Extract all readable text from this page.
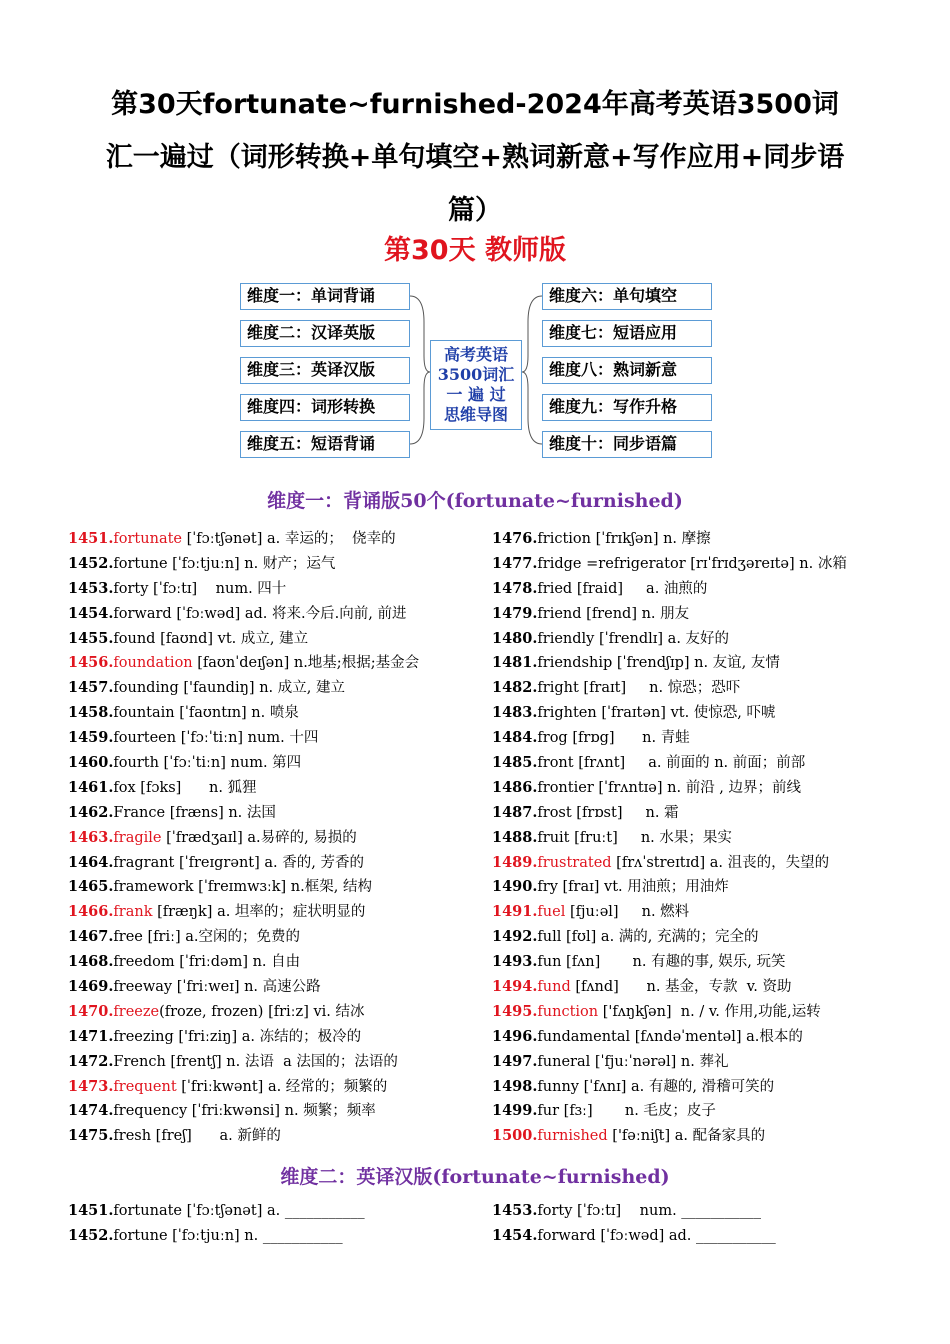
第30天fortunate~furnished-2024年高考英语3500词
汇一遍过（词形转换+单句填空+熟词新意+写作应用+同步语
篇）
第30天 教师版
维度一：单词背诵
维度二：汉译英版
维度三：英译汉版
维度四：词形转换
维度五：短语背诵
高考英语
3500词汇
一 遍 过
思维导图
维度六：单句填空
维度七：短语应用
维度八：熟词新意
维度九：写作升格
维度十：同步语篇
维度一：背诵版50个(fortunate~furnished)
1451.fortunate [ˈfɔːtʃənət] a. 幸运的；  侥幸的
1452.fortune [ˈfɔːtjuːn] n. 财产；运气
1453.forty [ˈfɔːtɪ]    num. 四十
1454.forward [ˈfɔːwəd] ad. 将来.今后.向前, 前进
1455.found [faʊnd] vt. 成立, 建立
1456.foundation [faʊnˈdeɪʃən] n.地基;根据;基金会
1457.founding ['faundiŋ] n. 成立, 建立
1458.fountain [ˈfaʊntɪn] n. 喷泉
1459.fourteen [ˈfɔːˈtiːn] num. 十四
1460.fourth [ˈfɔːˈtiːn] num. 第四
1461.fox [fɔks]      n. 狐狸
1462.France [fræns] n. 法国
1463.fragile [ˈfrædʒaɪl] a.易碎的, 易损的
1464.fragrant [ˈfreɪgrənt] a. 香的, 芳香的
1465.framework [ˈfreɪmwɜːk] n.框架, 结构
1466.frank [fræŋk] a. 坦率的；症状明显的
1467.free [friː] a.空闲的；免费的
1468.freedom [ˈfriːdəm] n. 自由
1469.freeway [ˈfriːweɪ] n. 高速公路
1470.freeze(froze, frozen) [friːz] vi. 结冰
1471.freezing ['friːziŋ] a. 冻结的；极冷的
1472.French [frentʃ] n. 法语  a 法国的；法语的
1473.frequent [ˈfriːkwənt] a. 经常的；频繁的
1474.frequency [ˈfriːkwənsi] n. 频繁；频率
1475.fresh [freʃ]      a. 新鲜的
1476.friction [ˈfrɪkʃən] n. 摩擦
1477.fridge =refrigerator [rɪˈfrɪdʒəreɪtə] n. 冰箱
1478.fried [fraid]     a. 油煎的
1479.friend [frend] n. 朋友
1480.friendly [ˈfrendlɪ] a. 友好的
1481.friendship [ˈfrendʃɪp] n. 友谊, 友情
1482.fright [fraɪt]     n. 惊恐；恐吓
1483.frighten [ˈfraɪtən] vt. 使惊恐, 吓唬
1484.frog [frɒg]      n. 青蛙
1485.front [frʌnt]     a. 前面的 n. 前面；前部
1486.frontier [ˈfrʌntɪə] n. 前沿 , 边界；前线
1487.frost [frɒst]     n. 霜
1488.fruit [fruːt]     n. 水果；果实
1489.frustrated [frʌˈstreɪtɪd] a. 沮丧的，失望的
1490.fry [fraɪ] vt. 用油煎；用油炸
1491.fuel [fjuːəl]     n. 燃料
1492.full [fʊl] a. 满的, 充满的；完全的
1493.fun [fʌn]       n. 有趣的事, 娱乐, 玩笑
1494.fund [fʌnd]      n. 基金，专款  v. 资助
1495.function ['fʌŋkʃən]  n. / v. 作用,功能,运转
1496.fundamental [fʌndəˈmentəl] a.根本的
1497.funeral [ˈfjuːˈnərəl] n. 葬礼
1498.funny [ˈfʌnɪ] a. 有趣的, 滑稽可笑的
1499.fur [fɜː]       n. 毛皮；皮子
1500.furnished ['fəːniʃt] a. 配备家具的
维度二：英译汉版(fortunate~furnished)
1451.fortunate [ˈfɔːtʃənət] a. ___________
1452.fortune [ˈfɔːtjuːn] n. ___________
1453.forty [ˈfɔːtɪ]    num. ___________
1454.forward [ˈfɔːwəd] ad. ___________
